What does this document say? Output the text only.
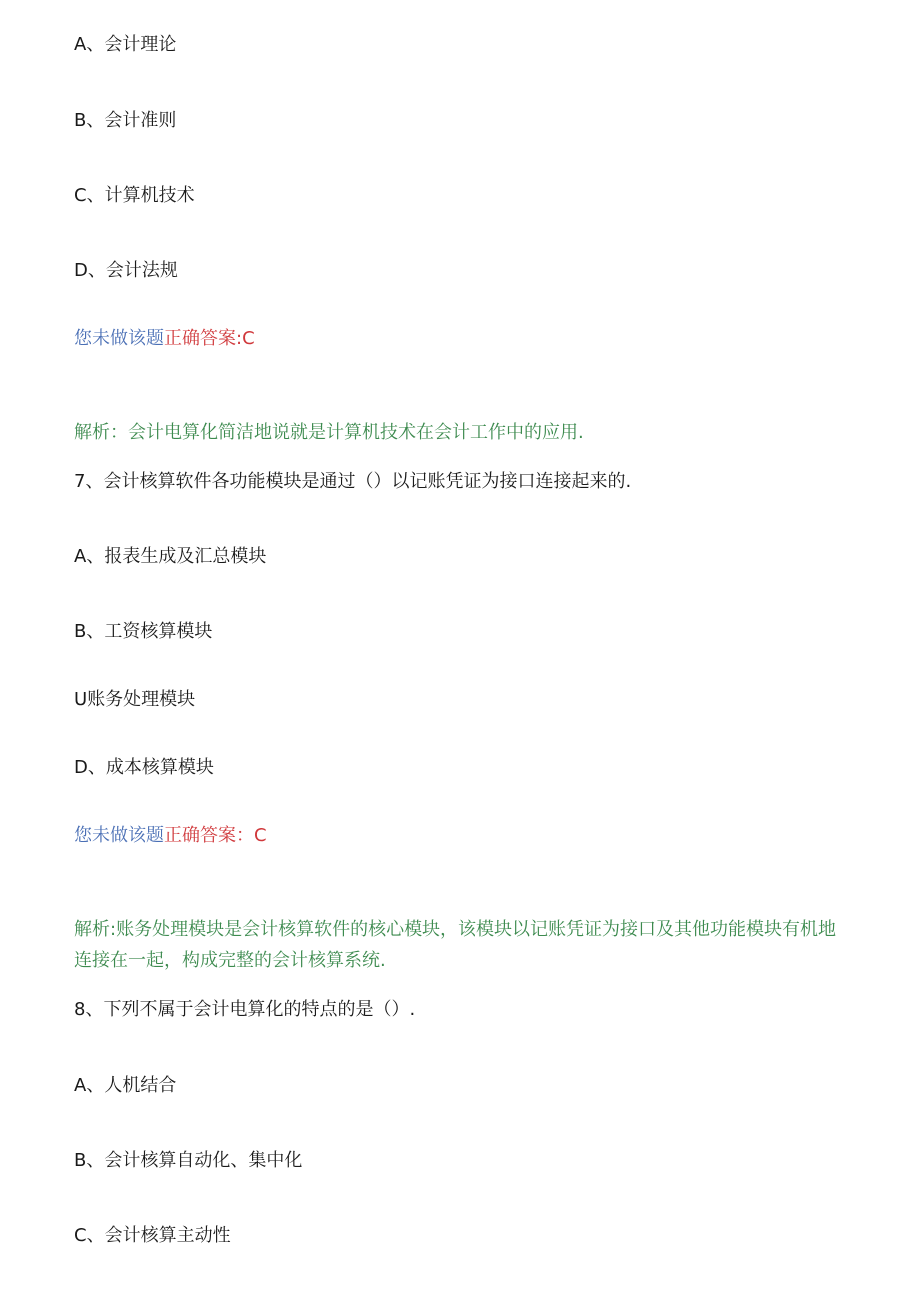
A、会计理论
B、会计准则
C、计算机技术
D、会计法规
您未做该题正确答案:C
解析：会计电算化简洁地说就是计算机技术在会计工作中的应用.
7、会计核算软件各功能模块是通过（）以记账凭证为接口连接起来的.
A、报表生成及汇总模块
B、工资核算模块
U账务处理模块
D、成本核算模块
您未做该题正确答案：C
解析:账务处理模块是会计核算软件的核心模块，该模块以记账凭证为接口及其他功能模块有机地连接在一起，构成完整的会计核算系统.
8、下列不属于会计电算化的特点的是（）.
A、人机结合
B、会计核算自动化、集中化
C、会计核算主动性
